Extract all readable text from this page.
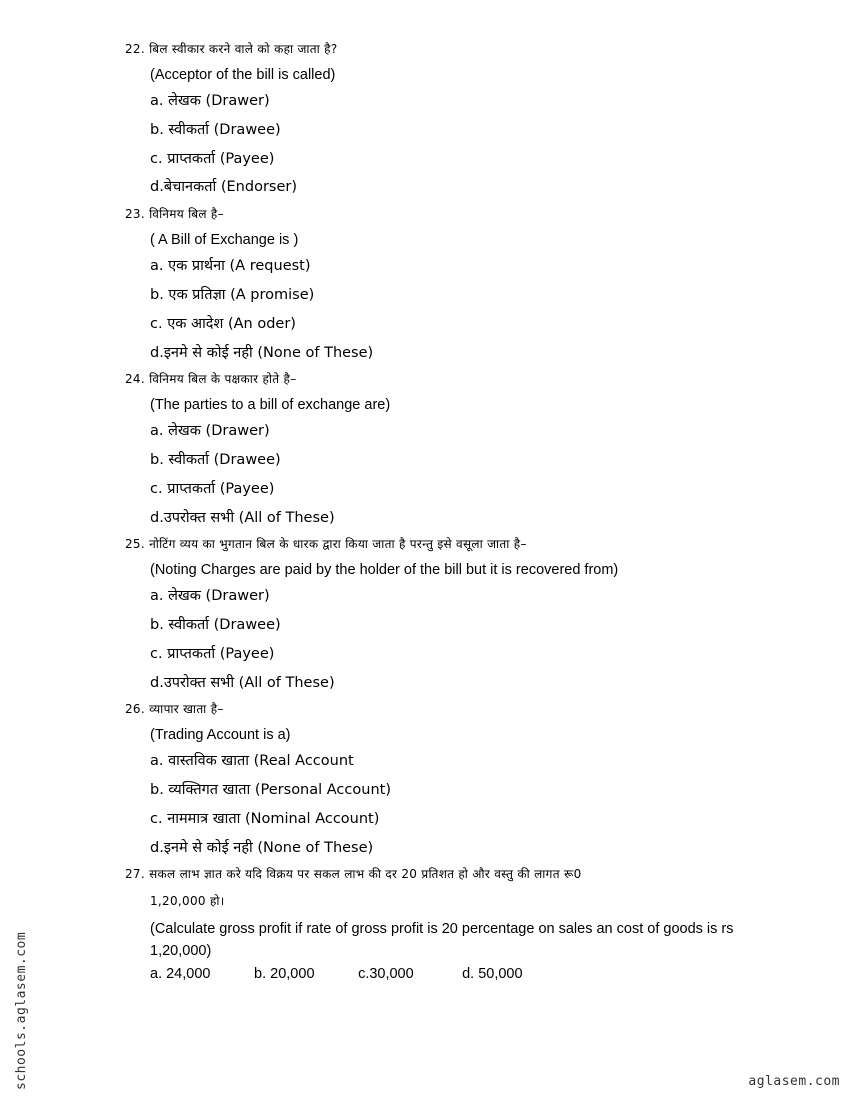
22. बिल स्वीकार करने वाले को कहा जाता है?
(Acceptor of the bill is called)
a. लेखक (Drawer)
b. स्वीकर्ता (Drawee)
c. प्राप्तकर्ता (Payee)
d.बेचानकर्ता (Endorser)
23. विनिमय बिल है–
( A Bill of Exchange is )
a. एक प्रार्थना (A request)
b. एक प्रतिज्ञा (A promise)
c. एक आदेश (An oder)
d.इनमे से कोई नही (None of These)
24. विनिमय बिल के पक्षकार होते है–
(The parties to a bill of exchange are)
a. लेखक (Drawer)
b. स्वीकर्ता (Drawee)
c. प्राप्तकर्ता (Payee)
d.उपरोक्त सभी (All of These)
25. नोटिंग व्यय का भुगतान बिल के धारक द्वारा किया जाता है परन्तु इसे वसूला जाता है–
(Noting Charges are paid by the holder of the bill but it is recovered from)
a. लेखक (Drawer)
b. स्वीकर्ता (Drawee)
c. प्राप्तकर्ता (Payee)
d.उपरोक्त सभी (All of These)
26. व्यापार खाता है–
(Trading Account is a)
a. वास्तविक खाता (Real Account
b. व्यक्तिगत खाता (Personal Account)
c. नाममात्र खाता (Nominal Account)
d.इनमे से कोई नही (None of These)
27. सकल लाभ ज्ञात करे यदि विक्रय पर सकल लाभ की दर 20 प्रतिशत हो और वस्तु की लागत रू0
1,20,000 हो।
(Calculate gross profit if rate of gross profit is 20 percentage on sales an cost of goods is rs 1,20,000)
a. 24,000	b. 20,000	c.30,000	d. 50,000
schools.aglasem.com	aglasem.com
